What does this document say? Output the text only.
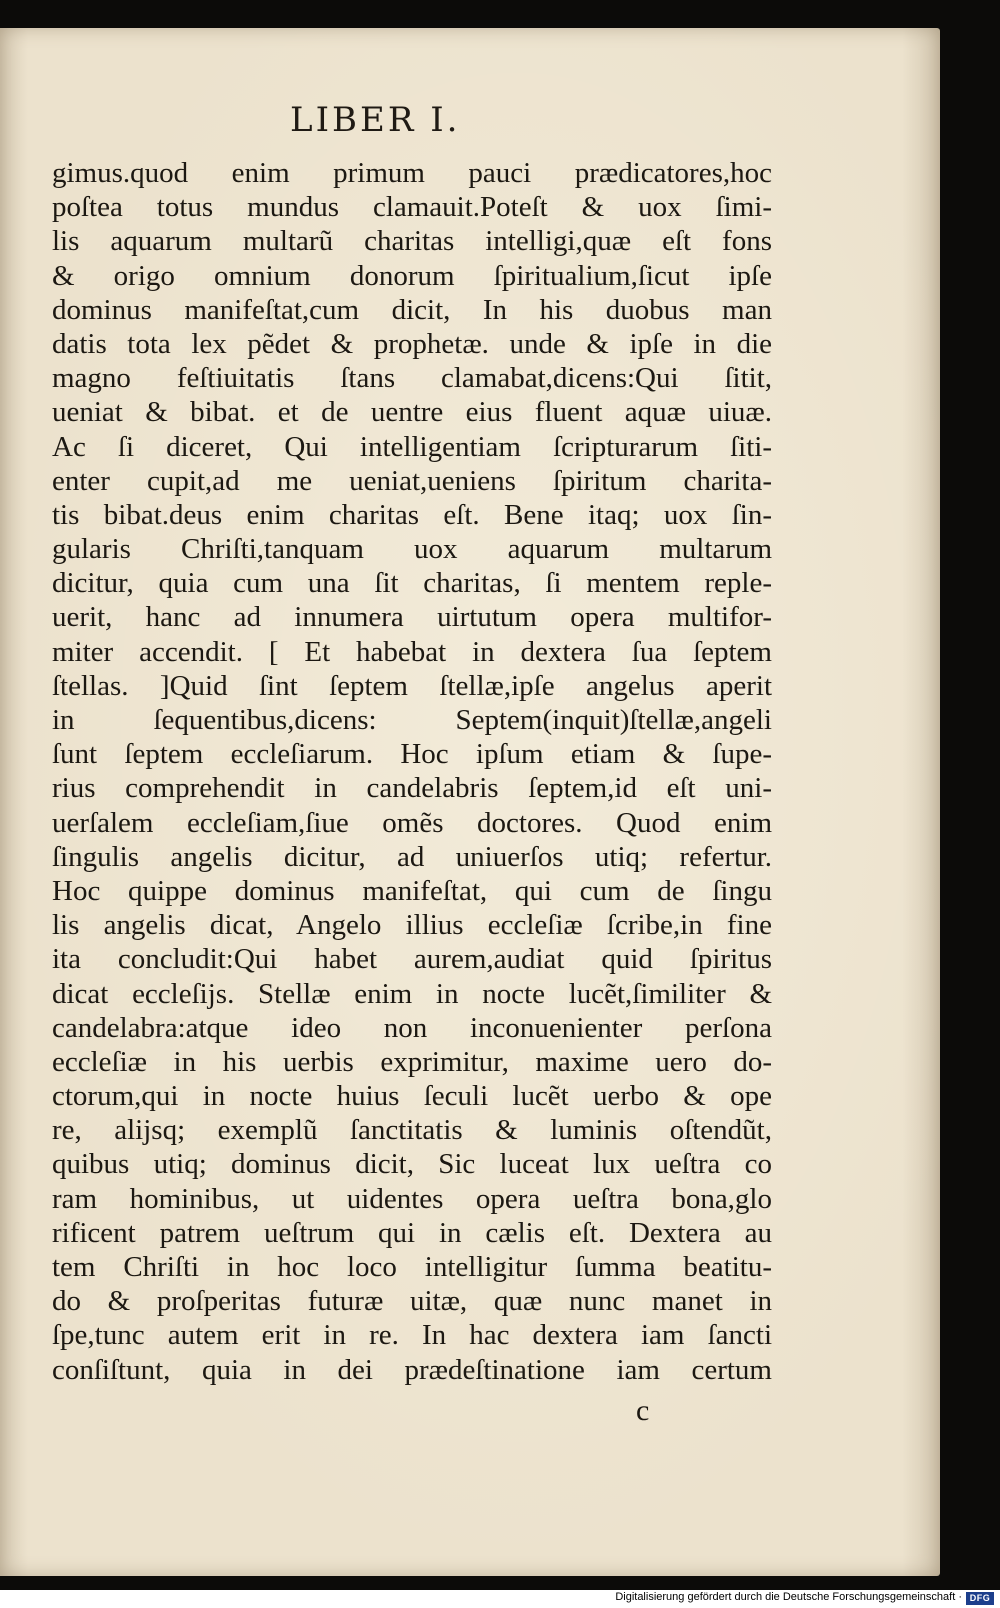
LIBER I.
gimus.quod enim primum pauci prædicatores,hoc
poſtea totus mundus clamauit.Poteſt & uox ſimi-
lis aquarum multarũ charitas intelligi,quæ eſt fons
& origo omnium donorum ſpiritualium,ſicut ipſe
dominus manifeſtat,cum dicit, In his duobus man
datis tota lex pẽdet & prophetæ. unde & ipſe in die
magno feſtiuitatis ſtans clamabat,dicens:Qui ſitit,
ueniat & bibat. et de uentre eius fluent aquæ uiuæ.
Ac ſi diceret, Qui intelligentiam ſcripturarum ſiti-
enter cupit,ad me ueniat,ueniens ſpiritum charita-
tis bibat.deus enim charitas eſt. Bene itaq; uox ſin-
gularis Chriſti,tanquam uox aquarum multarum
dicitur, quia cum una ſit charitas, ſi mentem reple-
uerit, hanc ad innumera uirtutum opera multifor-
miter accendit. [ Et habebat in dextera ſua ſeptem
ſtellas. ]Quid ſint ſeptem ſtellæ,ipſe angelus aperit
in ſequentibus,dicens: Septem(inquit)ſtellæ,angeli
ſunt ſeptem eccleſiarum. Hoc ipſum etiam & ſupe-
rius comprehendit in candelabris ſeptem,id eſt uni-
uerſalem eccleſiam,ſiue omẽs doctores. Quod enim
ſingulis angelis dicitur, ad uniuerſos utiq; refertur.
Hoc quippe dominus manifeſtat, qui cum de ſingu
lis angelis dicat, Angelo illius eccleſiæ ſcribe,in fine
ita concludit:Qui habet aurem,audiat quid ſpiritus
dicat eccleſijs. Stellæ enim in nocte lucẽt,ſimiliter &
candelabra:atque ideo non inconuenienter perſona
eccleſiæ in his uerbis exprimitur, maxime uero do-
ctorum,qui in nocte huius ſeculi lucẽt uerbo & ope
re, alijsq; exemplũ ſanctitatis & luminis oſtendũt,
quibus utiq; dominus dicit, Sic luceat lux ueſtra co
ram hominibus, ut uidentes opera ueſtra bona,glo
rificent patrem ueſtrum qui in cælis eſt. Dextera au
tem Chriſti in hoc loco intelligitur ſumma beatitu-
do & proſperitas futuræ uitæ, quæ nunc manet in
ſpe,tunc autem erit in re. In hac dextera iam ſancti
conſiſtunt, quia in dei prædeſtinatione iam certum
c
Digitalisierung gefördert durch die Deutsche Forschungsgemeinschaft · DFG
